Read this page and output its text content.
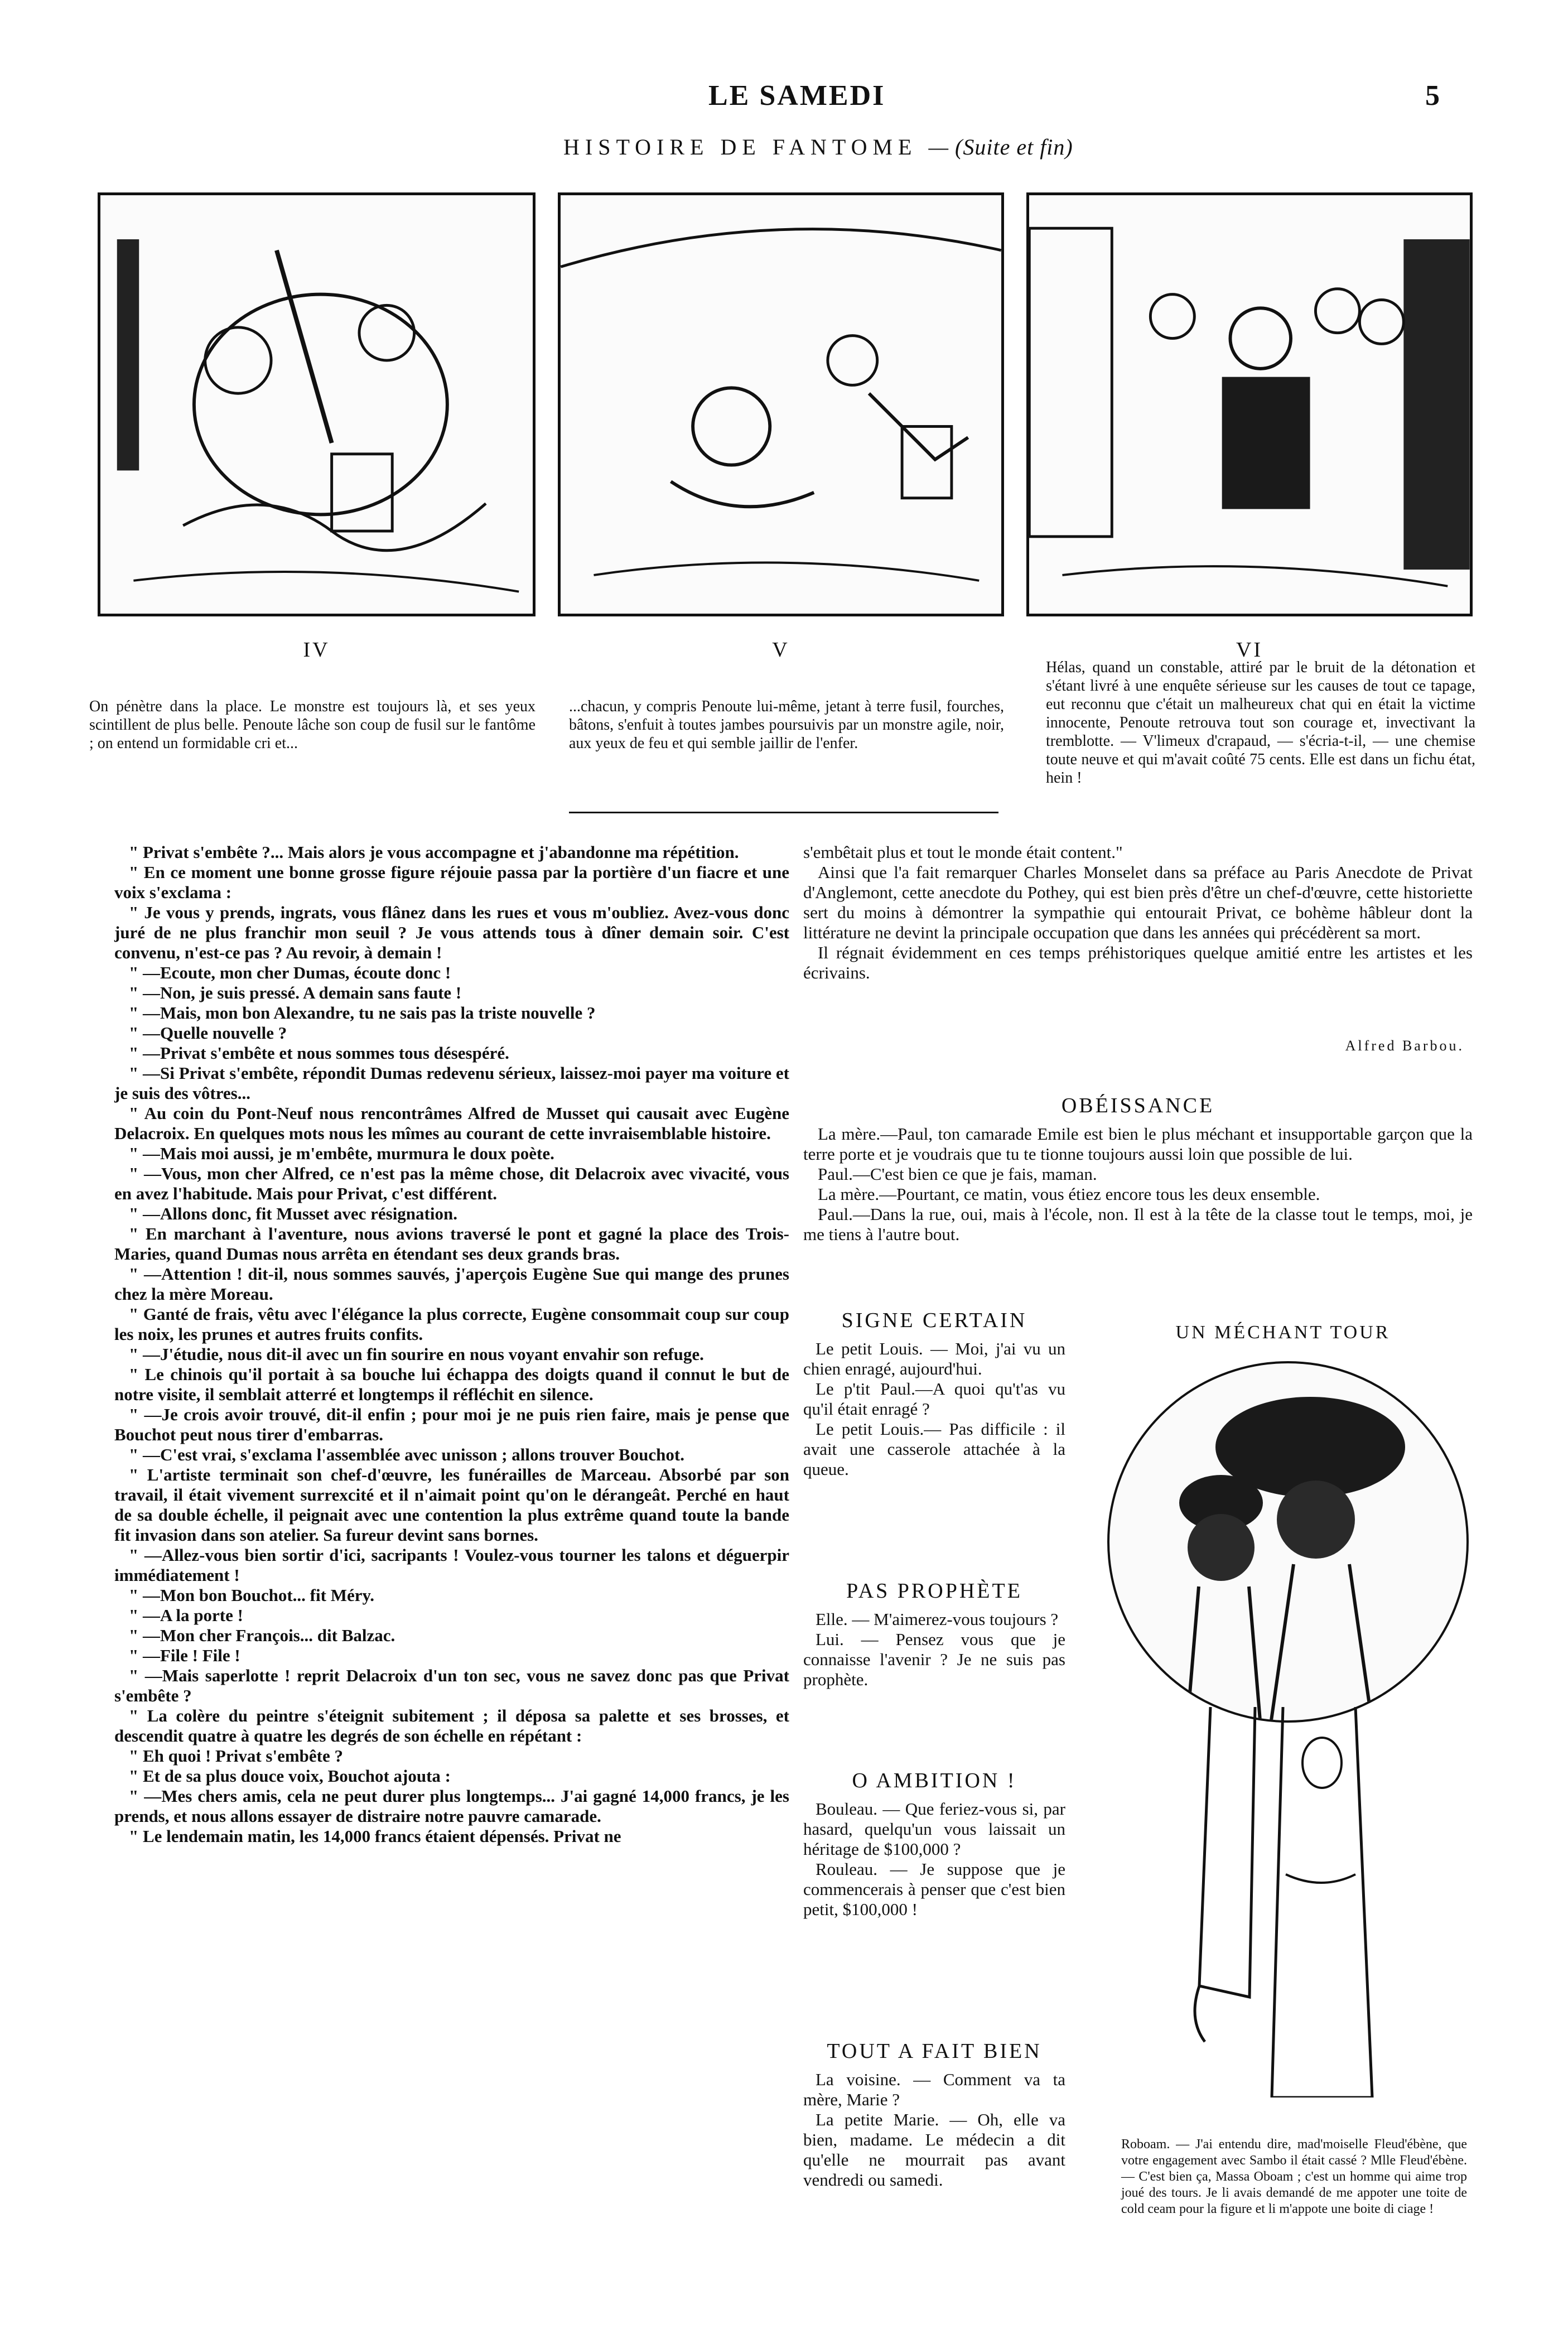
LE SAMEDI	5
HISTOIRE DE FANTOME — (Suite et fin)
IV	V	VI
On pénètre dans la place. Le monstre est toujours là, et ses yeux scintillent de plus belle. Penoute lâche son coup de fusil sur le fantôme ; on entend un formidable cri et...
...chacun, y compris Penoute lui-même, jetant à terre fusil, fourches, bâtons, s'enfuit à toutes jambes poursuivis par un monstre agile, noir, aux yeux de feu et qui semble jaillir de l'enfer.
Hélas, quand un constable, attiré par le bruit de la détonation et s'étant livré à une enquête sérieuse sur les causes de tout ce tapage, eut reconnu que c'était un malheureux chat qui en était la victime innocente, Penoute retrouva tout son courage et, invectivant la tremblotte. — V'limeux d'crapaud, — s'écria-t-il, — une chemise toute neuve et qui m'avait coûté 75 cents. Elle est dans un fichu état, hein !

" Privat s'embête ?... Mais alors je vous accompagne et j'abandonne ma répétition.

" En ce moment une bonne grosse figure réjouie passa par la portière d'un fiacre et une voix s'exclama :

" Je vous y prends, ingrats, vous flânez dans les rues et vous m'oubliez. Avez-vous donc juré de ne plus franchir mon seuil ? Je vous attends tous à dîner demain soir. C'est convenu, n'est-ce pas ? Au revoir, à demain !

" —Ecoute, mon cher Dumas, écoute donc !

" —Non, je suis pressé. A demain sans faute !

" —Mais, mon bon Alexandre, tu ne sais pas la triste nouvelle ?

" —Quelle nouvelle ?

" —Privat s'embête et nous sommes tous désespéré.

" —Si Privat s'embête, répondit Dumas redevenu sérieux, laissez-moi payer ma voiture et je suis des vôtres...

" Au coin du Pont-Neuf nous rencontrâmes Alfred de Musset qui causait avec Eugène Delacroix. En quelques mots nous les mîmes au courant de cette invraisemblable histoire.

" —Mais moi aussi, je m'embête, murmura le doux poète.

" —Vous, mon cher Alfred, ce n'est pas la même chose, dit Delacroix avec vivacité, vous en avez l'habitude. Mais pour Privat, c'est différent.

" —Allons donc, fit Musset avec résignation.

" En marchant à l'aventure, nous avions traversé le pont et gagné la place des Trois-Maries, quand Dumas nous arrêta en étendant ses deux grands bras.

" —Attention ! dit-il, nous sommes sauvés, j'aperçois Eugène Sue qui mange des prunes chez la mère Moreau.

" Ganté de frais, vêtu avec l'élégance la plus correcte, Eugène consommait coup sur coup les noix, les prunes et autres fruits confits.

" —J'étudie, nous dit-il avec un fin sourire en nous voyant envahir son refuge.

" Le chinois qu'il portait à sa bouche lui échappa des doigts quand il connut le but de notre visite, il semblait atterré et longtemps il réfléchit en silence.

" —Je crois avoir trouvé, dit-il enfin ; pour moi je ne puis rien faire, mais je pense que Bouchot peut nous tirer d'embarras.

" —C'est vrai, s'exclama l'assemblée avec unisson ; allons trouver Bouchot.

" L'artiste terminait son chef-d'œuvre, les funérailles de Marceau. Absorbé par son travail, il était vivement surrexcité et il n'aimait point qu'on le dérangeât. Perché en haut de sa double échelle, il peignait avec une contention la plus extrême quand toute la bande fit invasion dans son atelier. Sa fureur devint sans bornes.

" —Allez-vous bien sortir d'ici, sacripants ! Voulez-vous tourner les talons et déguerpir immédiatement !

" —Mon bon Bouchot... fit Méry.

" —A la porte !

" —Mon cher François... dit Balzac.

" —File ! File !

" —Mais saperlotte ! reprit Delacroix d'un ton sec, vous ne savez donc pas que Privat s'embête ?

" La colère du peintre s'éteignit subitement ; il déposa sa palette et ses brosses, et descendit quatre à quatre les degrés de son échelle en répétant :

" Eh quoi ! Privat s'embête ?

" Et de sa plus douce voix, Bouchot ajouta :

" —Mes chers amis, cela ne peut durer plus longtemps... J'ai gagné 14,000 francs, je les prends, et nous allons essayer de distraire notre pauvre camarade.

" Le lendemain matin, les 14,000 francs étaient dépensés. Privat ne

s'embêtait plus et tout le monde était content."

Ainsi que l'a fait remarquer Charles Monselet dans sa préface au Paris Anecdote de Privat d'Anglemont, cette anecdote du Pothey, qui est bien près d'être un chef-d'œuvre, cette historiette sert du moins à démontrer la sympathie qui entourait Privat, ce bohème hâbleur dont la littérature ne devint la principale occupation que dans les années qui précédèrent sa mort.

Il régnait évidemment en ces temps préhistoriques quelque amitié entre les artistes et les écrivains.

Alfred Barbou.
OBÉISSANCE

La mère.—Paul, ton camarade Emile est bien le plus méchant et insupportable garçon que la terre porte et je voudrais que tu te tionne toujours aussi loin que possible de lui.

Paul.—C'est bien ce que je fais, maman.

La mère.—Pourtant, ce matin, vous étiez encore tous les deux ensemble.

Paul.—Dans la rue, oui, mais à l'école, non. Il est à la tête de la classe tout le temps, moi, je me tiens à l'autre bout.

SIGNE CERTAIN

Le petit Louis. — Moi, j'ai vu un chien enragé, aujourd'hui.

Le p'tit Paul.—A quoi qu't'as vu qu'il était enragé ?

Le petit Louis.— Pas difficile : il avait une casserole attachée à la queue.

PAS PROPHÈTE

Elle. — M'aimerez-vous toujours ?

Lui. — Pensez vous que je connaisse l'avenir ? Je ne suis pas prophète.

O AMBITION !

Bouleau. — Que feriez-vous si, par hasard, quelqu'un vous laissait un héritage de $100,000 ?

Rouleau. — Je suppose que je commencerais à penser que c'est bien petit, $100,000 !

TOUT A FAIT BIEN

La voisine. — Comment va ta mère, Marie ?

La petite Marie. — Oh, elle va bien, madame. Le médecin a dit qu'elle ne mourrait pas avant vendredi ou samedi.

UN MÉCHANT TOUR
Roboam. — J'ai entendu dire, mad'moiselle Fleud'ébène, que votre engagement avec Sambo il était cassé ? Mlle Fleud'ébène. — C'est bien ça, Massa Oboam ; c'est un homme qui aime trop joué des tours. Je li avais demandé de me appoter une toite de cold ceam pour la figure et li m'appote une boite di ciage !
